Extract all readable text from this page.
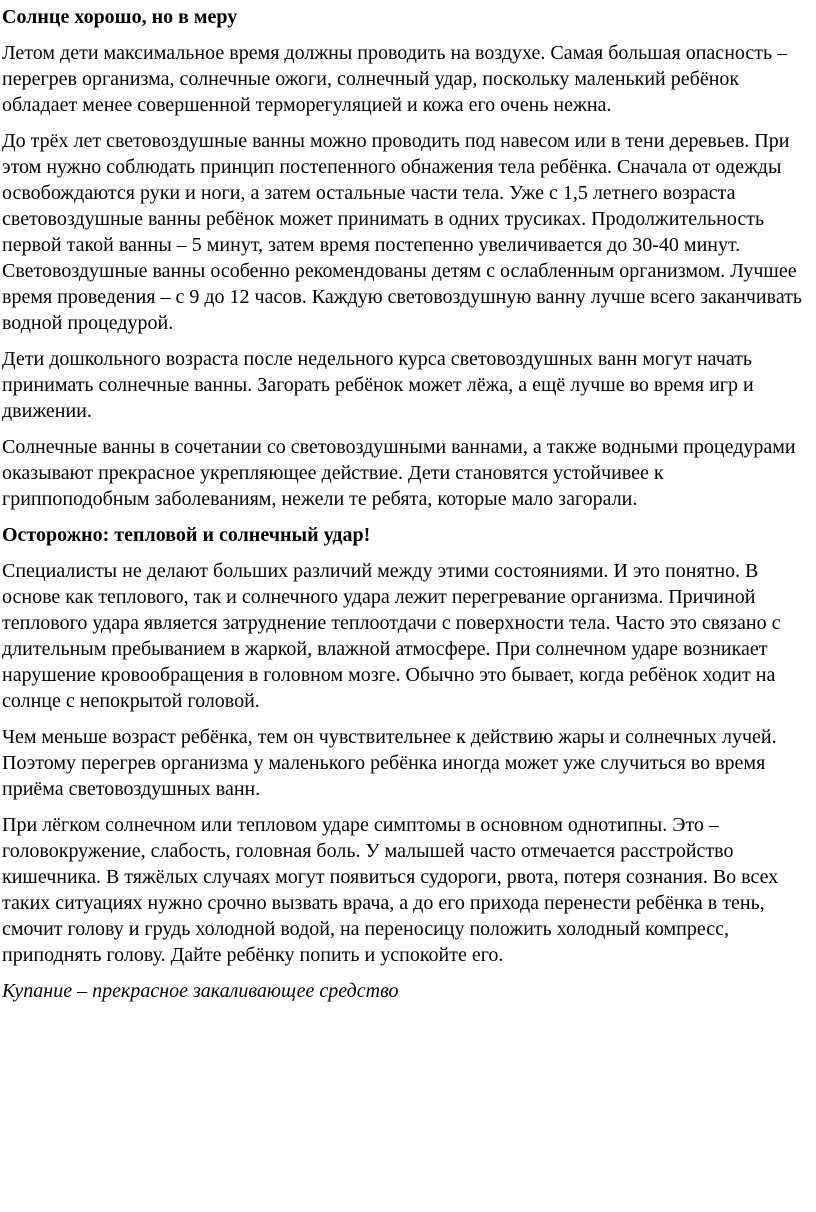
Солнце хорошо, но в меру

Летом дети максимальное время должны проводить на воздухе. Самая большая опасность – перегрев организма, солнечные ожоги, солнечный удар, поскольку маленький ребёнок обладает менее совершенной терморегуляцией и кожа его очень нежна.

До трёх лет световоздушные ванны можно проводить под навесом или в тени деревьев. При этом нужно соблюдать принцип постепенного обнажения тела ребёнка. Сначала от одежды освобождаются руки и ноги, а затем остальные части тела. Уже с 1,5 летнего возраста световоздушные ванны ребёнок может принимать в одних трусиках. Продолжительность первой такой ванны – 5 минут, затем время постепенно увеличивается до 30-40 минут. Световоздушные ванны особенно рекомендованы детям с ослабленным организмом. Лучшее время проведения – с 9 до 12 часов. Каждую световоздушную ванну лучше всего заканчивать водной процедурой.

Дети дошкольного возраста после недельного курса световоздушных ванн могут начать принимать солнечные ванны. Загорать ребёнок может лёжа, а ещё лучше во время игр и движении.

Солнечные ванны в сочетании со световоздушными ваннами, а также водными процедурами оказывают прекрасное укрепляющее действие. Дети становятся устойчивее к гриппоподобным заболеваниям, нежели те ребята, которые мало загорали.

Осторожно: тепловой и солнечный удар!

Специалисты не делают больших различий между этими состояниями. И это понятно. В основе как теплового, так и солнечного удара лежит перегревание организма. Причиной теплового удара является затруднение теплоотдачи с поверхности тела. Часто это связано с длительным пребыванием в жаркой, влажной атмосфере. При солнечном ударе возникает нарушение кровообращения в головном мозге. Обычно это бывает, когда ребёнок ходит на солнце с непокрытой головой.

Чем меньше возраст ребёнка, тем он чувствительнее к действию жары и солнечных лучей. Поэтому перегрев организма у маленького ребёнка иногда может уже случиться во время приёма световоздушных ванн.

При лёгком солнечном или тепловом ударе симптомы в основном однотипны. Это – головокружение, слабость, головная боль. У малышей часто отмечается расстройство кишечника. В тяжёлых случаях могут появиться судороги, рвота, потеря сознания. Во всех таких ситуациях нужно срочно вызвать врача, а до его прихода перенести ребёнка в тень, смочит голову и грудь холодной водой, на переносицу положить холодный компресс, приподнять голову. Дайте ребёнку попить и успокойте его.

Купание – прекрасное закаливающее средство
